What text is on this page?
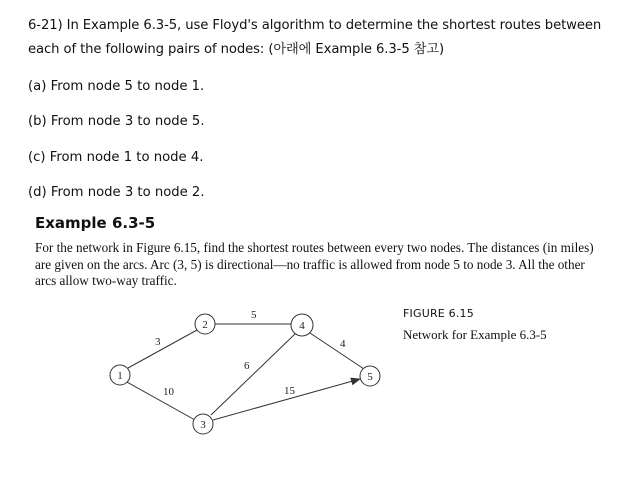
6-21) In Example 6.3-5, use Floyd's algorithm to determine the shortest routes between each of the following pairs of nodes: (아래에 Example 6.3-5 참고)
(a) From node 5 to node 1.
(b) From node 3 to node 5.
(c) From node 1 to node 4.
(d) From node 3 to node 2.
Example 6.3-5
For the network in Figure 6.15, find the shortest routes between every two nodes. The distances (in miles) are given on the arcs. Arc (3, 5) is directional—no traffic is allowed from node 5 to node 3. All the other arcs allow two-way traffic.
FIGURE 6.15
Network for Example 6.3-5
3
10
5
6
4
15
1
2
3
4
5
